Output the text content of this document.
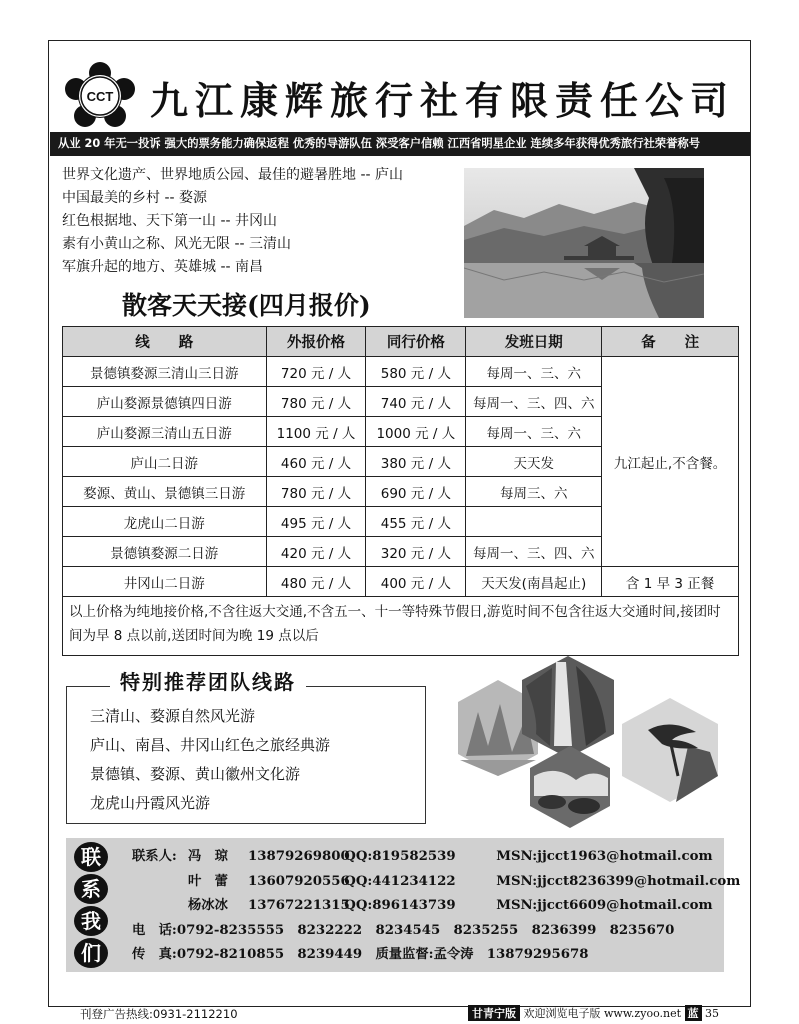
CCT 九江康辉旅行社有限责任公司
从业 20 年无一投诉 强大的票务能力确保返程 优秀的导游队伍 深受客户信赖 江西省明星企业 连续多年获得优秀旅行社荣誉称号
世界文化遗产、世界地质公园、最佳的避暑胜地 -- 庐山
中国最美的乡村 -- 婺源
红色根据地、天下第一山 -- 井冈山
素有小黄山之称、风光无限 -- 三清山
军旗升起的地方、英雄城 -- 南昌
散客天天接(四月报价)
线　　路	外报价格	同行价格	发班日期	备　　注
景德镇婺源三清山三日游	720 元 / 人	580 元 / 人	每周一、三、六	九江起止,不含餐。
庐山婺源景德镇四日游	780 元 / 人	740 元 / 人	每周一、三、四、六	
庐山婺源三清山五日游	1100 元 / 人	1000 元 / 人	每周一、三、六	
庐山二日游	460 元 / 人	380 元 / 人	天天发	
婺源、黄山、景德镇三日游	780 元 / 人	690 元 / 人	每周三、六	
龙虎山二日游	495 元 / 人	455 元 / 人		
景德镇婺源二日游	420 元 / 人	320 元 / 人	每周一、三、四、六	
井冈山二日游	480 元 / 人	400 元 / 人	天天发(南昌起止)	含 1 早 3 正餐
以上价格为纯地接价格,不含往返大交通,不含五一、十一等特殊节假日,游览时间不包含往返大交通时间,接团时间为早 8 点以前,送团时间为晚 19 点以后
特别推荐团队线路
三清山、婺源自然风光游
庐山、南昌、井冈山红色之旅经典游
景德镇、婺源、黄山徽州文化游
龙虎山丹霞风光游
联
系
我
们
联系人: 冯　琼 13879269800 QQ:819582539	MSN:jjcct1963@hotmail.com
叶　蕾 13607920556 QQ:441234122	MSN:jjcct8236399@hotmail.com
杨冰冰 13767221315 QQ:896143739	MSN:jjcct6609@hotmail.com
电　话:0792-8235555　8232222　8234545　8235255　8236399　8235670
传　真:0792-8210855　8239449　 质量监督:孟令涛　13879295678
刊登广告热线:0931-2112210	甘青宁版 欢迎浏览电子版 www.zyoo.net 蓝 35
